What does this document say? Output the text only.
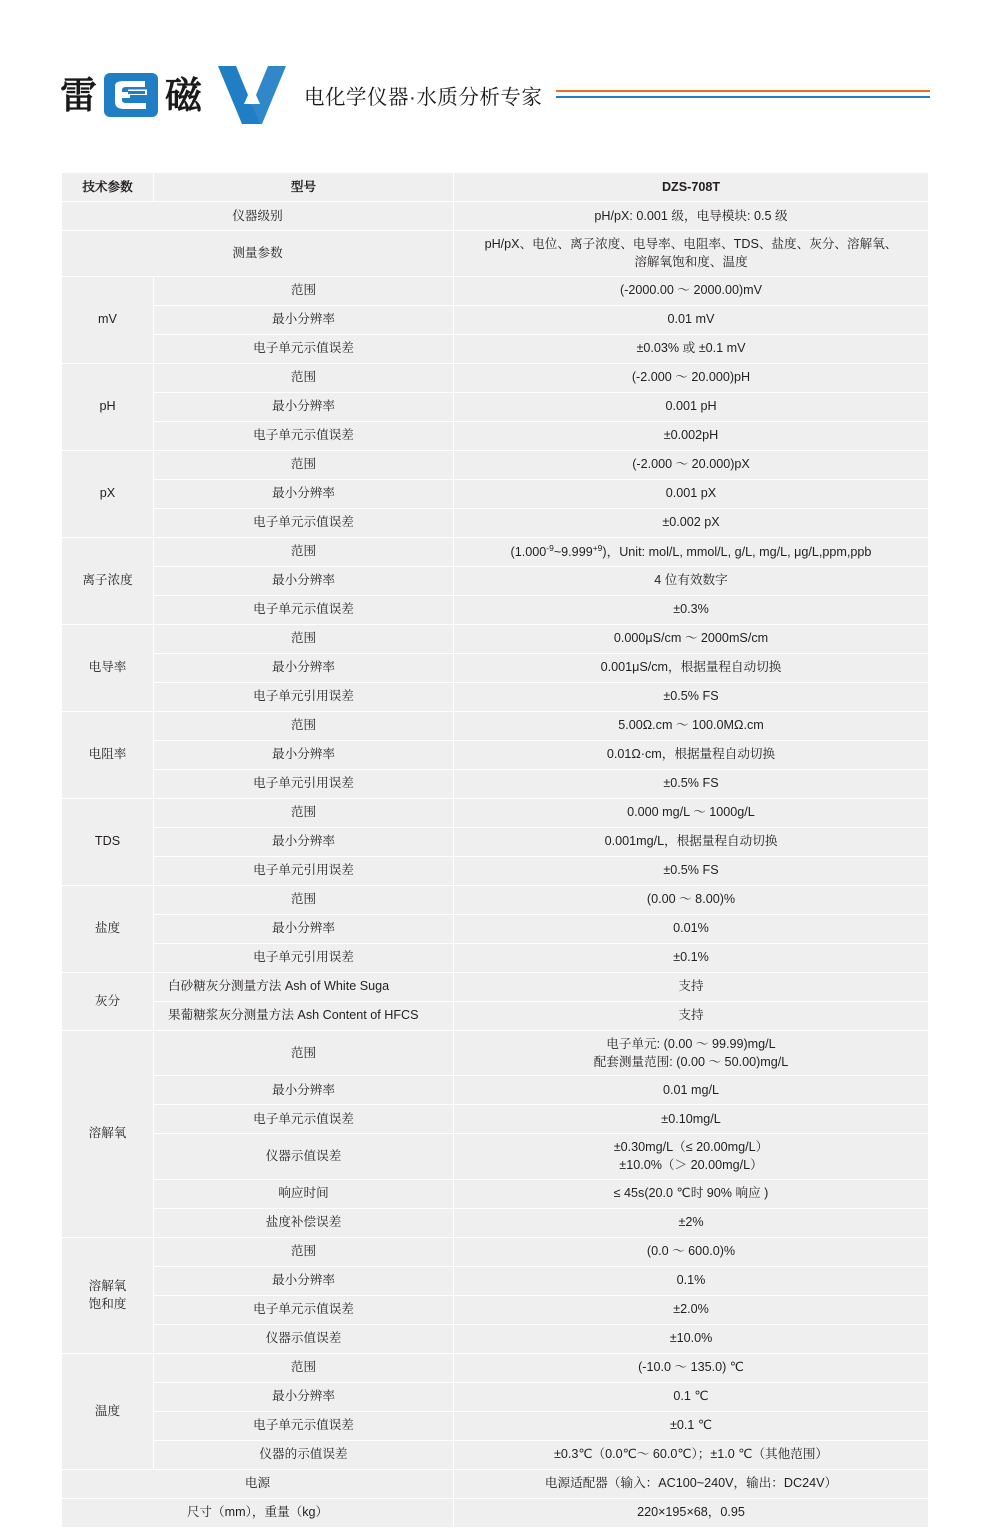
雷 磁	电化学仪器·水质分析专家
技术参数	型号	DZS-708T
仪器级别		pH/pX: 0.001 级，电导模块: 0.5 级
测量参数		pH/pX、电位、离子浓度、电导率、电阻率、TDS、盐度、灰分、溶解氧、
溶解氧饱和度、温度
mV	范围	(-2000.00 ～ 2000.00)mV
	最小分辨率	0.01 mV
	电子单元示值误差	±0.03% 或 ±0.1 mV
pH	范围	(-2.000 ～ 20.000)pH
	最小分辨率	0.001 pH
	电子单元示值误差	±0.002pH
pX	范围	(-2.000 ～ 20.000)pX
	最小分辨率	0.001 pX
	电子单元示值误差	±0.002 pX
离子浓度	范围	$(1.000^{-9}\sim 9.999^{+9})$，Unit: mol/L, mmol/L, g/L, mg/L, μg/L,ppm,ppb
	最小分辨率	4 位有效数字
	电子单元示值误差	±0.3%
电导率	范围	0.000μS/cm ～ 2000mS/cm
	最小分辨率	0.001μS/cm，根据量程自动切换
	电子单元引用误差	±0.5% FS
电阻率	范围	5.00Ω.cm ～ 100.0MΩ.cm
	最小分辨率	0.01Ω·cm，根据量程自动切换
	电子单元引用误差	±0.5% FS
TDS	范围	0.000 mg/L ～ 1000g/L
	最小分辨率	0.001mg/L，根据量程自动切换
	电子单元引用误差	±0.5% FS
盐度	范围	(0.00 ～ 8.00)%
	最小分辨率	0.01%
	电子单元引用误差	±0.1%
灰分	白砂糖灰分测量方法 Ash of White Suga	支持
	果葡糖浆灰分测量方法 Ash Content of HFCS	支持
溶解氧	范围	电子单元: (0.00 ～ 99.99)mg/L
配套测量范围: (0.00 ～ 50.00)mg/L
	最小分辨率	0.01 mg/L
	电子单元示值误差	±0.10mg/L
	仪器示值误差	±0.30mg/L（≤ 20.00mg/L）
±10.0%（＞ 20.00mg/L）
	响应时间	≤ 45s(20.0 ℃时 90% 响应 )
	盐度补偿误差	±2%
溶解氧
饱和度	范围	(0.0 ～ 600.0)%
	最小分辨率	0.1%
	电子单元示值误差	±2.0%
	仪器示值误差	±10.0%
温度	范围	(-10.0 ～ 135.0) ℃
	最小分辨率	0.1 ℃
	电子单元示值误差	±0.1 ℃
	仪器的示值误差	±0.3℃（0.0℃～ 60.0℃）；±1.0 ℃（其他范围）
电源		电源适配器（输入：AC100~240V，输出：DC24V）
尺寸（mm），重量（kg）		220×195×68，0.95
